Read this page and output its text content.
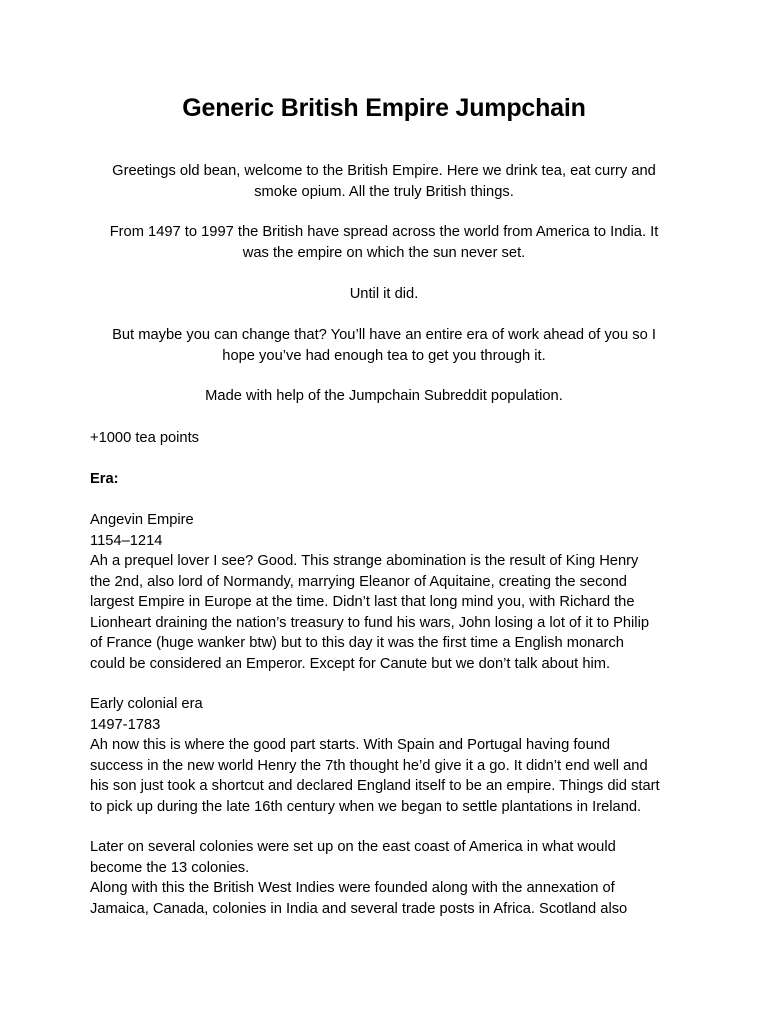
Generic British Empire Jumpchain
Greetings old bean, welcome to the British Empire. Here we drink tea, eat curry and
smoke opium. All the truly British things.
From 1497 to 1997 the British have spread across the world from America to India. It
was the empire on which the sun never set.
Until it did.
But maybe you can change that? You’ll have an entire era of work ahead of you so I
hope you’ve had enough tea to get you through it.
Made with help of the Jumpchain Subreddit population.
+1000 tea points
Era:
Angevin Empire
1154–1214
Ah a prequel lover I see? Good. This strange abomination is the result of King Henry
the 2nd, also lord of Normandy, marrying Eleanor of Aquitaine, creating the second
largest Empire in Europe at the time. Didn’t last that long mind you, with Richard the
Lionheart draining the nation’s treasury to fund his wars, John losing a lot of it to Philip
of France (huge wanker btw) but to this day it was the first time a English monarch
could be considered an Emperor. Except for Canute but we don’t talk about him.
Early colonial era
1497-1783
Ah now this is where the good part starts. With Spain and Portugal having found
success in the new world Henry the 7th thought he’d give it a go. It didn’t end well and
his son just took a shortcut and declared England itself to be an empire. Things did start
to pick up during the late 16th century when we began to settle plantations in Ireland.
Later on several colonies were set up on the east coast of America in what would
become the 13 colonies.
Along with this the British West Indies were founded along with the annexation of
Jamaica, Canada, colonies in India and several trade posts in Africa. Scotland also
